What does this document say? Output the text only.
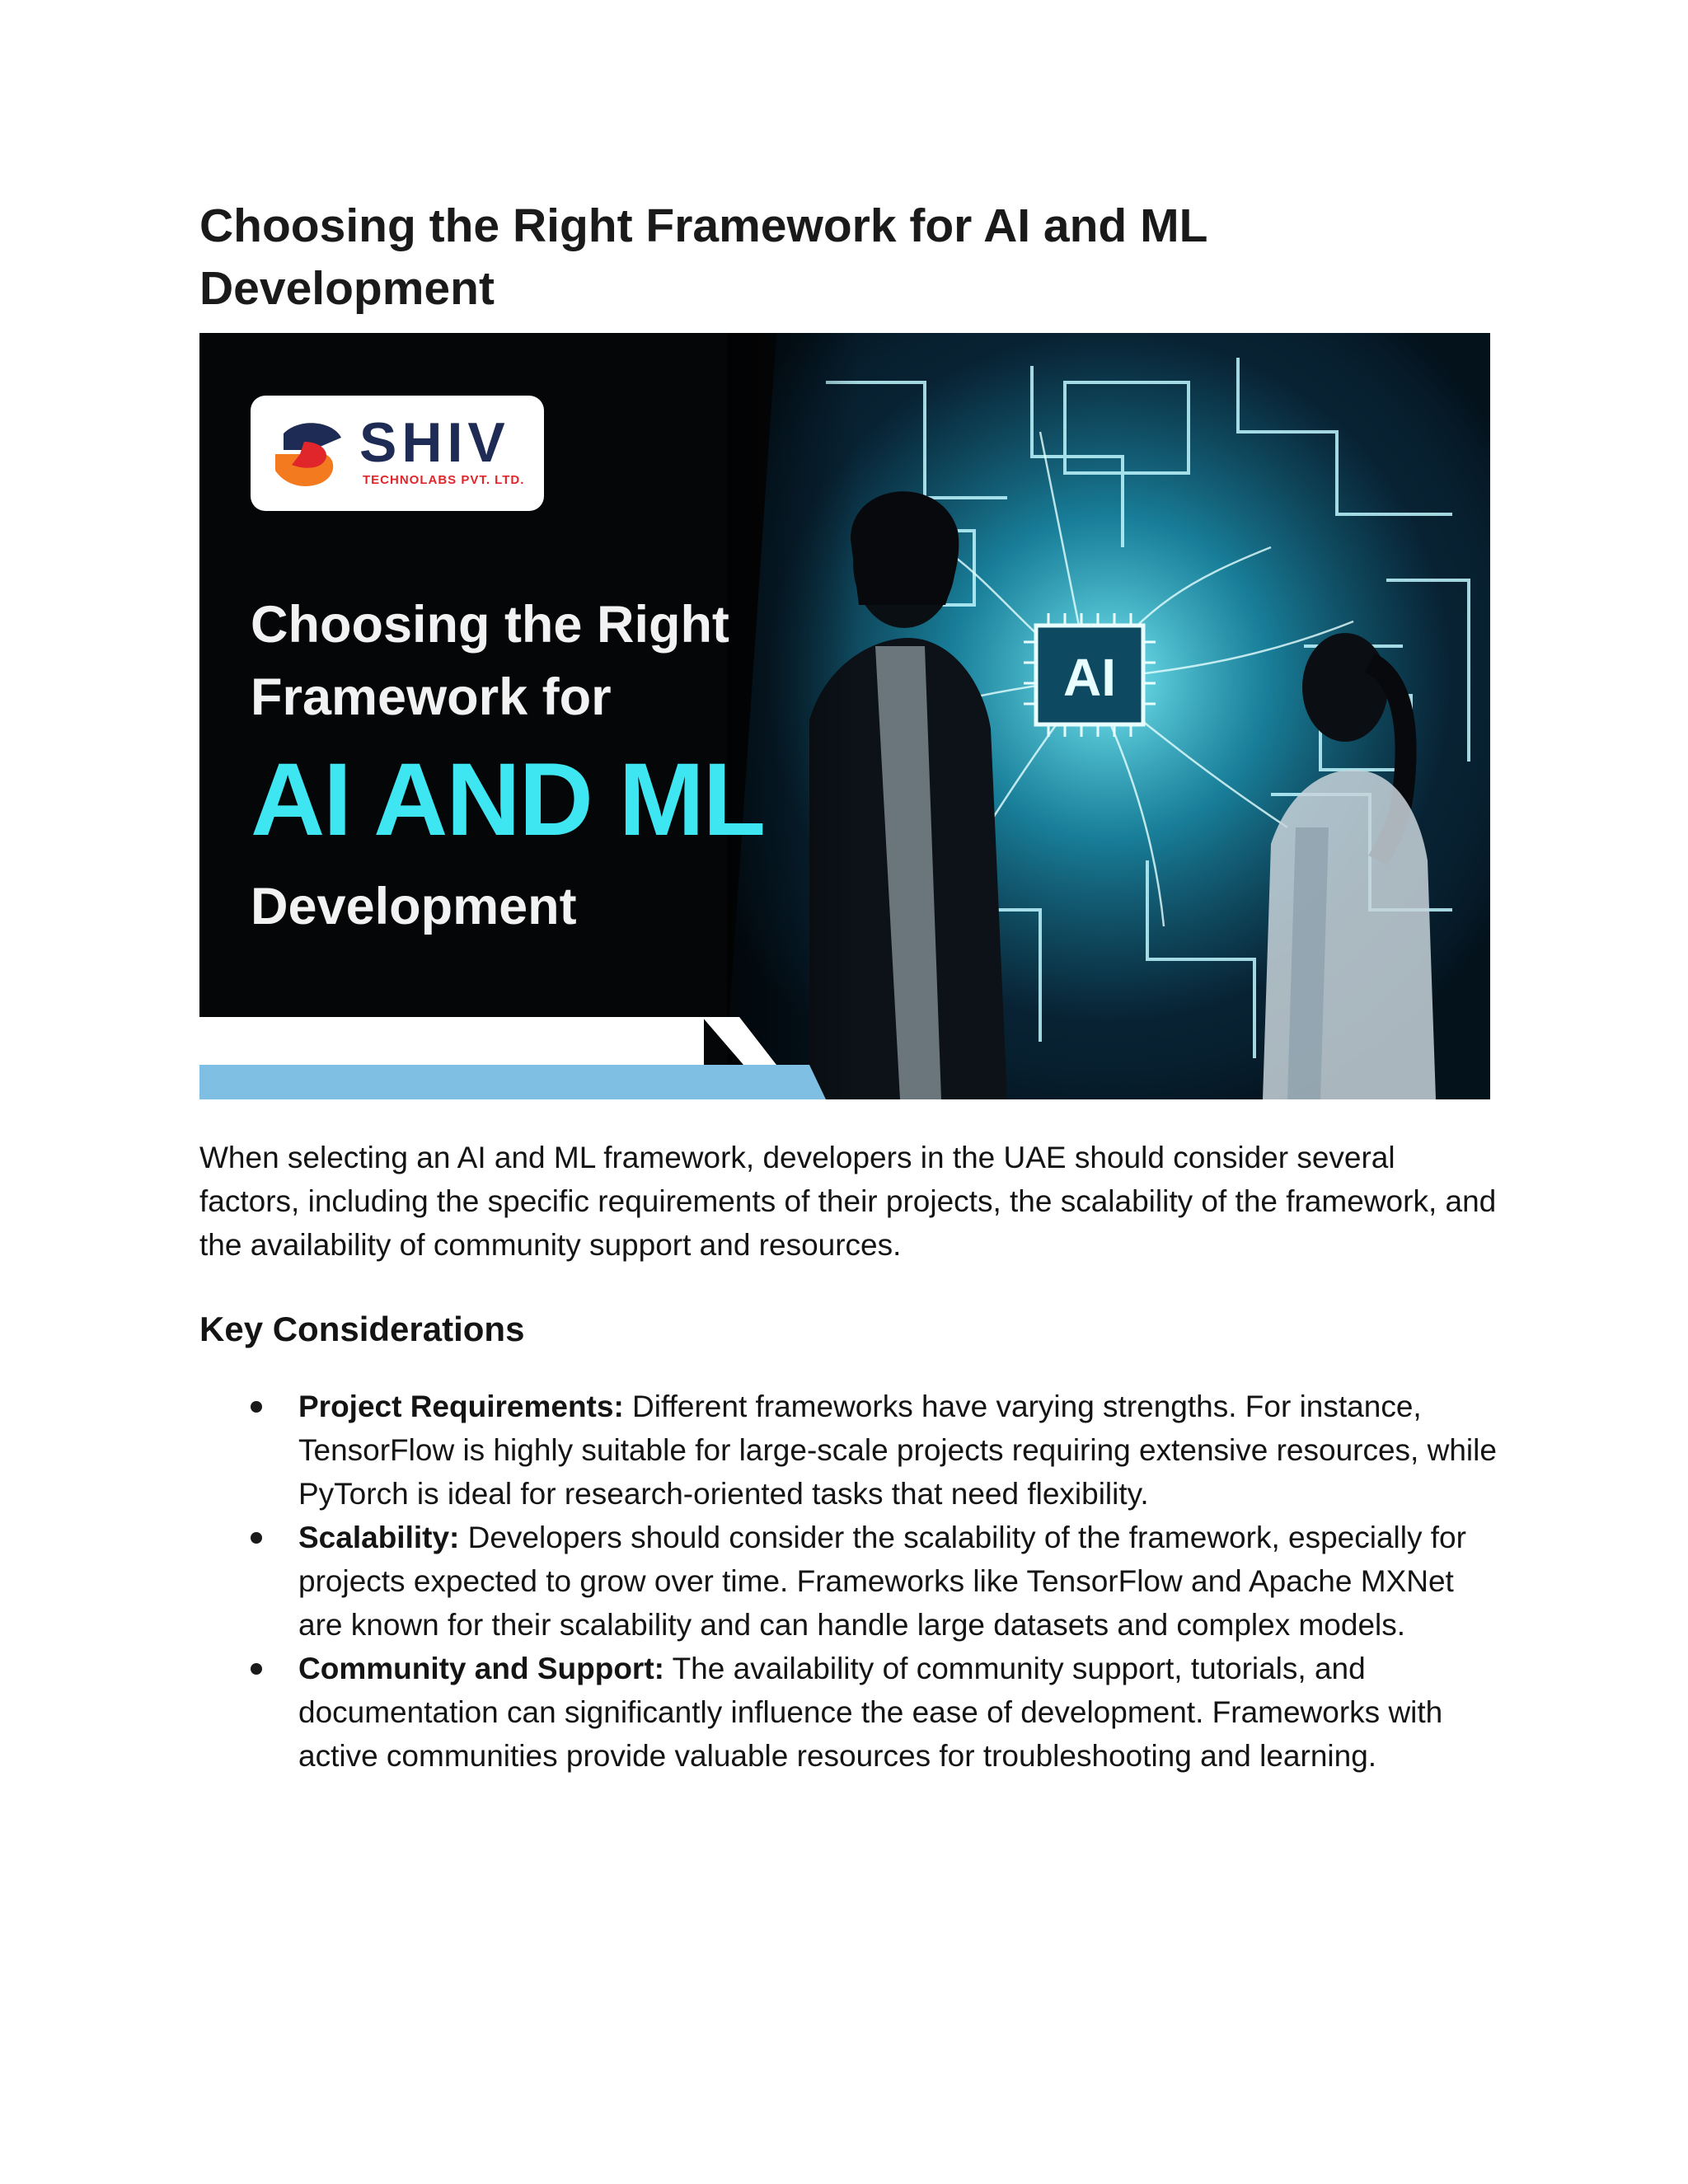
Choosing the Right Framework for AI and ML Development
AI
SHIV
TECHNOLABS PVT. LTD.
Choosing the Right
Framework for
AI AND ML
Development

When selecting an AI and ML framework, developers in the UAE should consider several factors, including the specific requirements of their projects, the scalability of the framework, and the availability of community support and resources.

Key Considerations
Project Requirements: Different frameworks have varying strengths. For instance, TensorFlow is highly suitable for large-scale projects requiring extensive resources, while PyTorch is ideal for research-oriented tasks that need flexibility.
Scalability: Developers should consider the scalability of the framework, especially for projects expected to grow over time. Frameworks like TensorFlow and Apache MXNet are known for their scalability and can handle large datasets and complex models.
Community and Support: The availability of community support, tutorials, and documentation can significantly influence the ease of development. Frameworks with active communities provide valuable resources for troubleshooting and learning.
